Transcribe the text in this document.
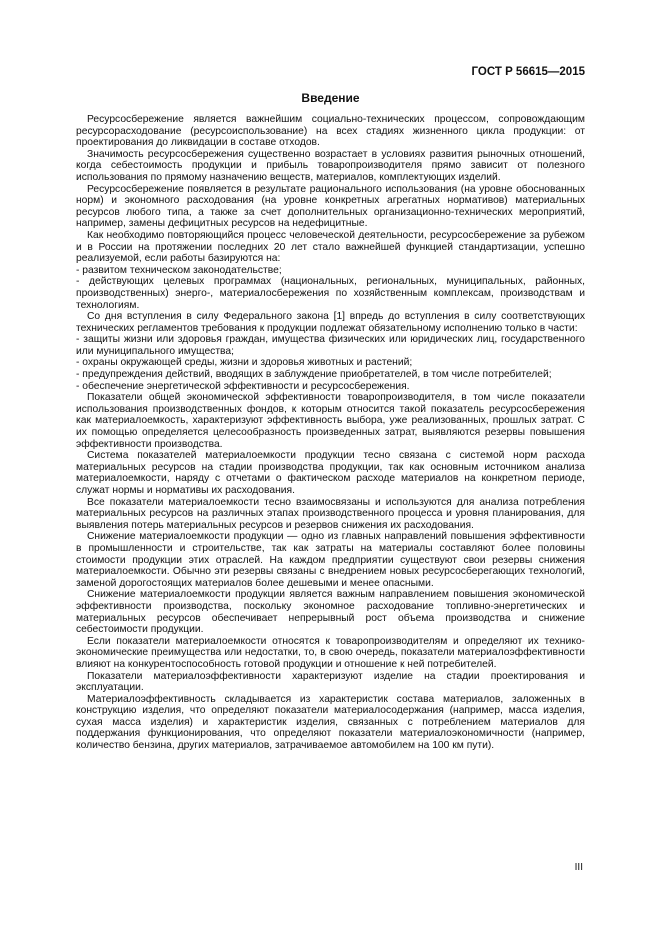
ГОСТ Р 56615—2015
Введение

Ресурсосбережение является важнейшим социально-технических процессом, сопровождающим ресурсорасходование (ресурсоиспользование) на всех стадиях жизненного цикла продукции: от проектирования до ликвидации в составе отходов.

Значимость ресурсосбережения существенно возрастает в условиях развития рыночных отношений, когда себестоимость продукции и прибыль товаропроизводителя прямо зависит от полезного использования по прямому назначению веществ, материалов, комплектующих изделий.

Ресурсосбережение появляется в результате рационального использования (на уровне обоснованных норм) и экономного расходования (на уровне конкретных агрегатных нормативов) материальных ресурсов любого типа, а также за счет дополнительных организационно-технических мероприятий, например, замены дефицитных ресурсов на недефицитные.

Как необходимо повторяющийся процесс человеческой деятельности, ресурсосбережение за рубежом и в России на протяжении последних 20 лет стало важнейшей функцией стандартизации, успешно реализуемой, если работы базируются на:

- развитом техническом законодательстве;

- действующих целевых программах (национальных, региональных, муниципальных, районных, производственных) энерго-, материалосбережения по хозяйственным комплексам, производствам и технологиям.

Со дня вступления в силу Федерального закона [1] впредь до вступления в силу соответствующих технических регламентов требования к продукции подлежат обязательному исполнению только в части:

- защиты жизни или здоровья граждан, имущества физических или юридических лиц, государственного или муниципального имущества;

- охраны окружающей среды, жизни и здоровья животных и растений;

- предупреждения действий, вводящих в заблуждение приобретателей, в том числе потребителей;

- обеспечение энергетической эффективности и ресурсосбережения.

Показатели общей экономической эффективности товаропроизводителя, в том числе показатели использования производственных фондов, к которым относится такой показатель ресурсосбережения как материалоемкость, характеризуют эффективность выбора, уже реализованных, прошлых затрат. С их помощью определяется целесообразность произведенных затрат, выявляются резервы повышения эффективности производства.

Система показателей материалоемкости продукции тесно связана с системой норм расхода материальных ресурсов на стадии производства продукции, так как основным источником анализа материалоемкости, наряду с отчетами о фактическом расходе материалов на конкретном периоде, служат нормы и нормативы их расходования.

Все показатели материалоемкости тесно взаимосвязаны и используются для анализа потребления материальных ресурсов на различных этапах производственного процесса и уровня планирования, для выявления потерь материальных ресурсов и резервов снижения их расходования.

Снижение материалоемкости продукции — одно из главных направлений повышения эффективности в промышленности и строительстве, так как затраты на материалы составляют более половины стоимости продукции этих отраслей. На каждом предприятии существуют свои резервы снижения материалоемкости. Обычно эти резервы связаны с внедрением новых ресурсосберегающих технологий, заменой дорогостоящих материалов более дешевыми и менее опасными.

Снижение материалоемкости продукции является важным направлением повышения экономической эффективности производства, поскольку экономное расходование топливно-энергетических и материальных ресурсов обеспечивает непрерывный рост объема производства и снижение себестоимости продукции.

Если показатели материалоемкости относятся к товаропроизводителям и определяют их технико-экономические преимущества или недостатки, то, в свою очередь, показатели материалоэффективности влияют на конкурентоспособность готовой продукции и отношение к ней потребителей.

Показатели материалоэффективности характеризуют изделие на стадии проектирования и эксплуатации.

Материалоэффективность складывается из характеристик состава материалов, заложенных в конструкцию изделия, что определяют показатели материалосодержания (например, масса изделия, сухая масса изделия) и характеристик изделия, связанных с потреблением материалов для поддержания функционирования, что определяют показатели материалоэкономичности (например, количество бензина, других материалов, затрачиваемое автомобилем на 100 км пути).

III
